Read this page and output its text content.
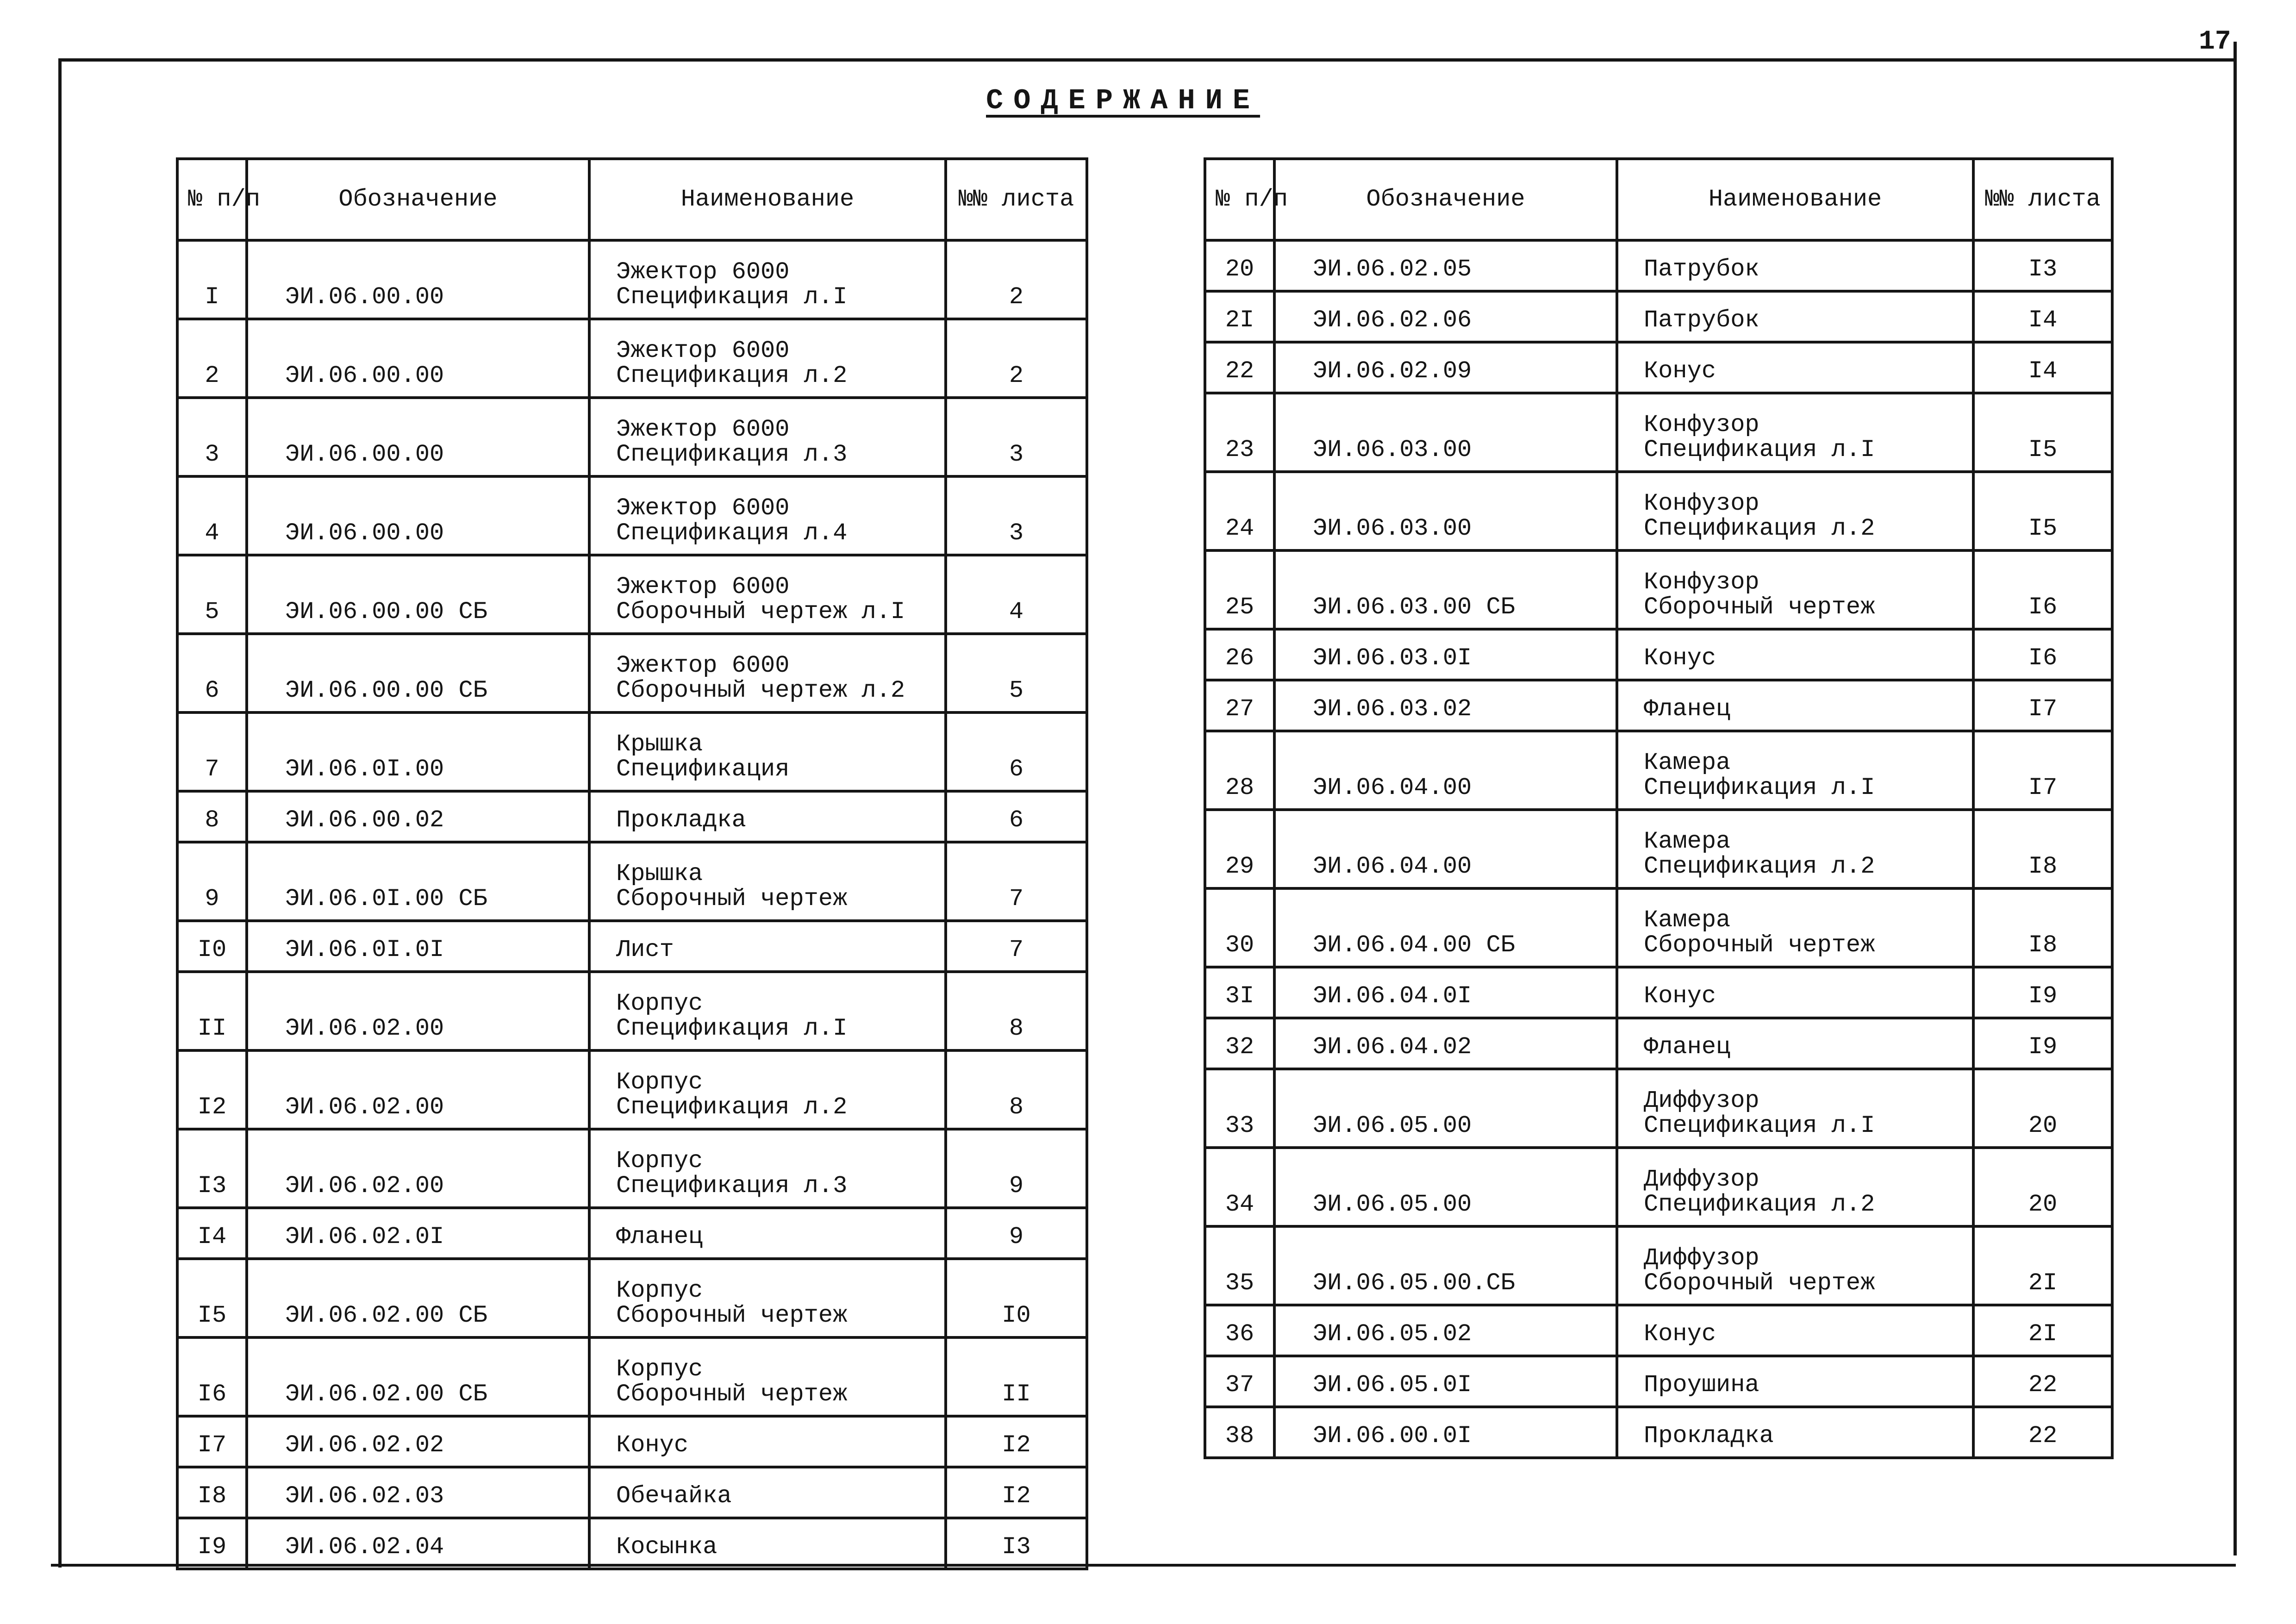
17
СОДЕРЖАНИЕ
№ п/п	Обозначение	Наименование	№№ листа
I	ЭИ.06.00.00	Эжектор 6000
Спецификация л.I	2
2	ЭИ.06.00.00	Эжектор 6000
Спецификация л.2	2
3	ЭИ.06.00.00	Эжектор 6000
Спецификация л.3	3
4	ЭИ.06.00.00	Эжектор 6000
Спецификация л.4	3
5	ЭИ.06.00.00 СБ	Эжектор 6000
Сборочный чертеж л.I	4
6	ЭИ.06.00.00 СБ	Эжектор 6000
Сборочный чертеж л.2	5
7	ЭИ.06.0I.00	Крышка
Спецификация	6
8	ЭИ.06.00.02	Прокладка	6
9	ЭИ.06.0I.00 СБ	Крышка
Сборочный чертеж	7
I0	ЭИ.06.0I.0I	Лист	7
II	ЭИ.06.02.00	Корпус
Спецификация л.I	8
I2	ЭИ.06.02.00	Корпус
Спецификация л.2	8
I3	ЭИ.06.02.00	Корпус
Спецификация л.3	9
I4	ЭИ.06.02.0I	Фланец	9
I5	ЭИ.06.02.00 СБ	Корпус
Сборочный чертеж	I0
I6	ЭИ.06.02.00 СБ	Корпус
Сборочный чертеж	II
I7	ЭИ.06.02.02	Конус	I2
I8	ЭИ.06.02.03	Обечайка	I2
I9	ЭИ.06.02.04	Косынка	I3
№ п/п	Обозначение	Наименование	№№ листа
20	ЭИ.06.02.05	Патрубок	I3
2I	ЭИ.06.02.06	Патрубок	I4
22	ЭИ.06.02.09	Конус	I4
23	ЭИ.06.03.00	Конфузор
Спецификация л.I	I5
24	ЭИ.06.03.00	Конфузор
Спецификация л.2	I5
25	ЭИ.06.03.00 СБ	Конфузор
Сборочный чертеж	I6
26	ЭИ.06.03.0I	Конус	I6
27	ЭИ.06.03.02	Фланец	I7
28	ЭИ.06.04.00	Камера
Спецификация л.I	I7
29	ЭИ.06.04.00	Камера
Спецификация л.2	I8
30	ЭИ.06.04.00 СБ	Камера
Сборочный чертеж	I8
3I	ЭИ.06.04.0I	Конус	I9
32	ЭИ.06.04.02	Фланец	I9
33	ЭИ.06.05.00	Диффузор
Спецификация л.I	20
34	ЭИ.06.05.00	Диффузор
Спецификация л.2	20
35	ЭИ.06.05.00.СБ	Диффузор
Сборочный чертеж	2I
36	ЭИ.06.05.02	Конус	2I
37	ЭИ.06.05.0I	Проушина	22
38	ЭИ.06.00.0I	Прокладка	22
